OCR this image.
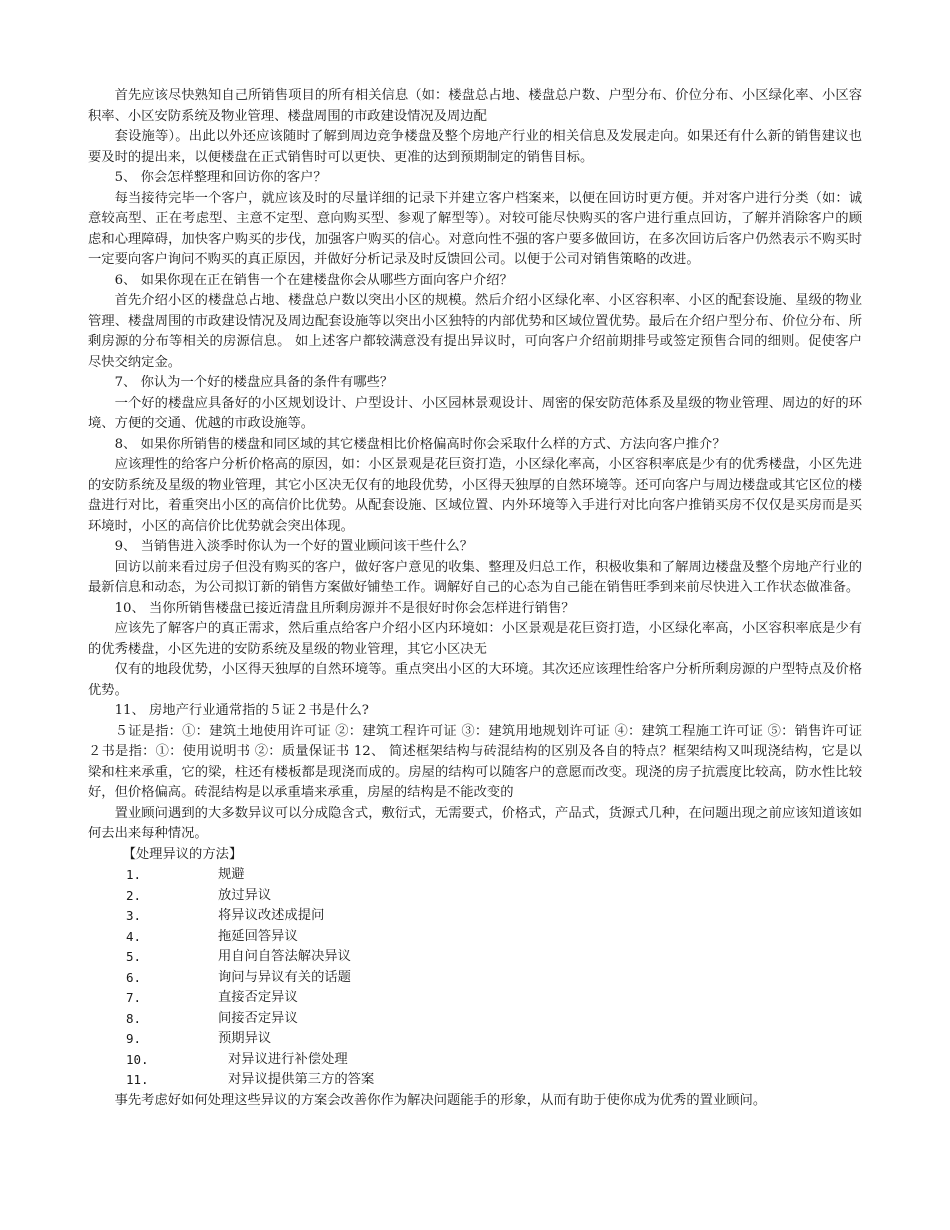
首先应该尽快熟知自己所销售项目的所有相关信息（如：楼盘总占地、楼盘总户数、户型分布、价位分布、小区绿化率、小区容积率、小区安防系统及物业管理、楼盘周围的市政建设情况及周边配

套设施等）。出此以外还应该随时了解到周边竞争楼盘及整个房地产行业的相关信息及发展走向。如果还有什么新的销售建议也要及时的提出来，以便楼盘在正式销售时可以更快、更准的达到预期制定的销售目标。

5、 你会怎样整理和回访你的客户？

每当接待完毕一个客户，就应该及时的尽量详细的记录下并建立客户档案来，以便在回访时更方便。并对客户进行分类（如：诚意较高型、正在考虑型、主意不定型、意向购买型、参观了解型等）。对较可能尽快购买的客户进行重点回访，了解并消除客户的顾虑和心理障碍，加快客户购买的步伐，加强客户购买的信心。对意向性不强的客户要多做回访，在多次回访后客户仍然表示不购买时一定要向客户询问不购买的真正原因，并做好分析记录及时反馈回公司。以便于公司对销售策略的改进。

6、 如果你现在正在销售一个在建楼盘你会从哪些方面向客户介绍？

首先介绍小区的楼盘总占地、楼盘总户数以突出小区的规模。然后介绍小区绿化率、小区容积率、小区的配套设施、星级的物业管理、楼盘周围的市政建设情况及周边配套设施等以突出小区独特的内部优势和区域位置优势。最后在介绍户型分布、价位分布、所剩房源的分布等相关的房源信息。 如上述客户都较满意没有提出异议时，可向客户介绍前期排号或签定预售合同的细则。促使客户尽快交纳定金。

7、 你认为一个好的楼盘应具备的条件有哪些？

一个好的楼盘应具备好的小区规划设计、户型设计、小区园林景观设计、周密的保安防范体系及星级的物业管理、周边的好的环境、方便的交通、优越的市政设施等。

8、 如果你所销售的楼盘和同区域的其它楼盘相比价格偏高时你会采取什么样的方式、方法向客户推介？

应该理性的给客户分析价格高的原因，如：小区景观是花巨资打造，小区绿化率高，小区容积率底是少有的优秀楼盘，小区先进的安防系统及星级的物业管理，其它小区决无仅有的地段优势，小区得天独厚的自然环境等。还可向客户与周边楼盘或其它区位的楼盘进行对比，着重突出小区的高信价比优势。从配套设施、区域位置、内外环境等入手进行对比向客户推销买房不仅仅是买房而是买环境时，小区的高信价比优势就会突出体现。

9、 当销售进入淡季时你认为一个好的置业顾问该干些什么？

回访以前来看过房子但没有购买的客户，做好客户意见的收集、整理及归总工作，积极收集和了解周边楼盘及整个房地产行业的最新信息和动态，为公司拟订新的销售方案做好铺垫工作。调解好自己的心态为自己能在销售旺季到来前尽快进入工作状态做准备。

10、 当你所销售楼盘已接近清盘且所剩房源并不是很好时你会怎样进行销售？

应该先了解客户的真正需求，然后重点给客户介绍小区内环境如：小区景观是花巨资打造，小区绿化率高，小区容积率底是少有的优秀楼盘，小区先进的安防系统及星级的物业管理，其它小区决无

仅有的地段优势，小区得天独厚的自然环境等。重点突出小区的大环境。其次还应该理性给客户分析所剩房源的户型特点及价格优势。

11、 房地产行业通常指的５证２书是什么?

５证是指：①：建筑土地使用许可证 ②：建筑工程许可证 ③：建筑用地规划许可证 ④：建筑工程施工许可证 ⑤：销售许可证 ２书是指：①：使用说明书 ②：质量保证书 12、 简述框架结构与砖混结构的区别及各自的特点？框架结构又叫现浇结构，它是以梁和柱来承重，它的梁，柱还有楼板都是现浇而成的。房屋的结构可以随客户的意愿而改变。现浇的房子抗震度比较高，防水性比较好，但价格偏高。砖混结构是以承重墙来承重，房屋的结构是不能改变的

置业顾问遇到的大多数异议可以分成隐含式，敷衍式，无需要式，价格式，产品式，货源式几种，在问题出现之前应该知道该如何去出来每种情况。

【处理异议的方法】

1.	规避
2.	放过异议
3.	将异议改述成提问
4.	拖延回答异议
5.	用自问自答法解决异议
6.	询问与异议有关的话题
7.	直接否定异议
8.	间接否定异议
9.	预期异议
10.	对异议进行补偿处理
11.	对异议提供第三方的答案

事先考虑好如何处理这些异议的方案会改善你作为解决问题能手的形象，从而有助于使你成为优秀的置业顾问。
